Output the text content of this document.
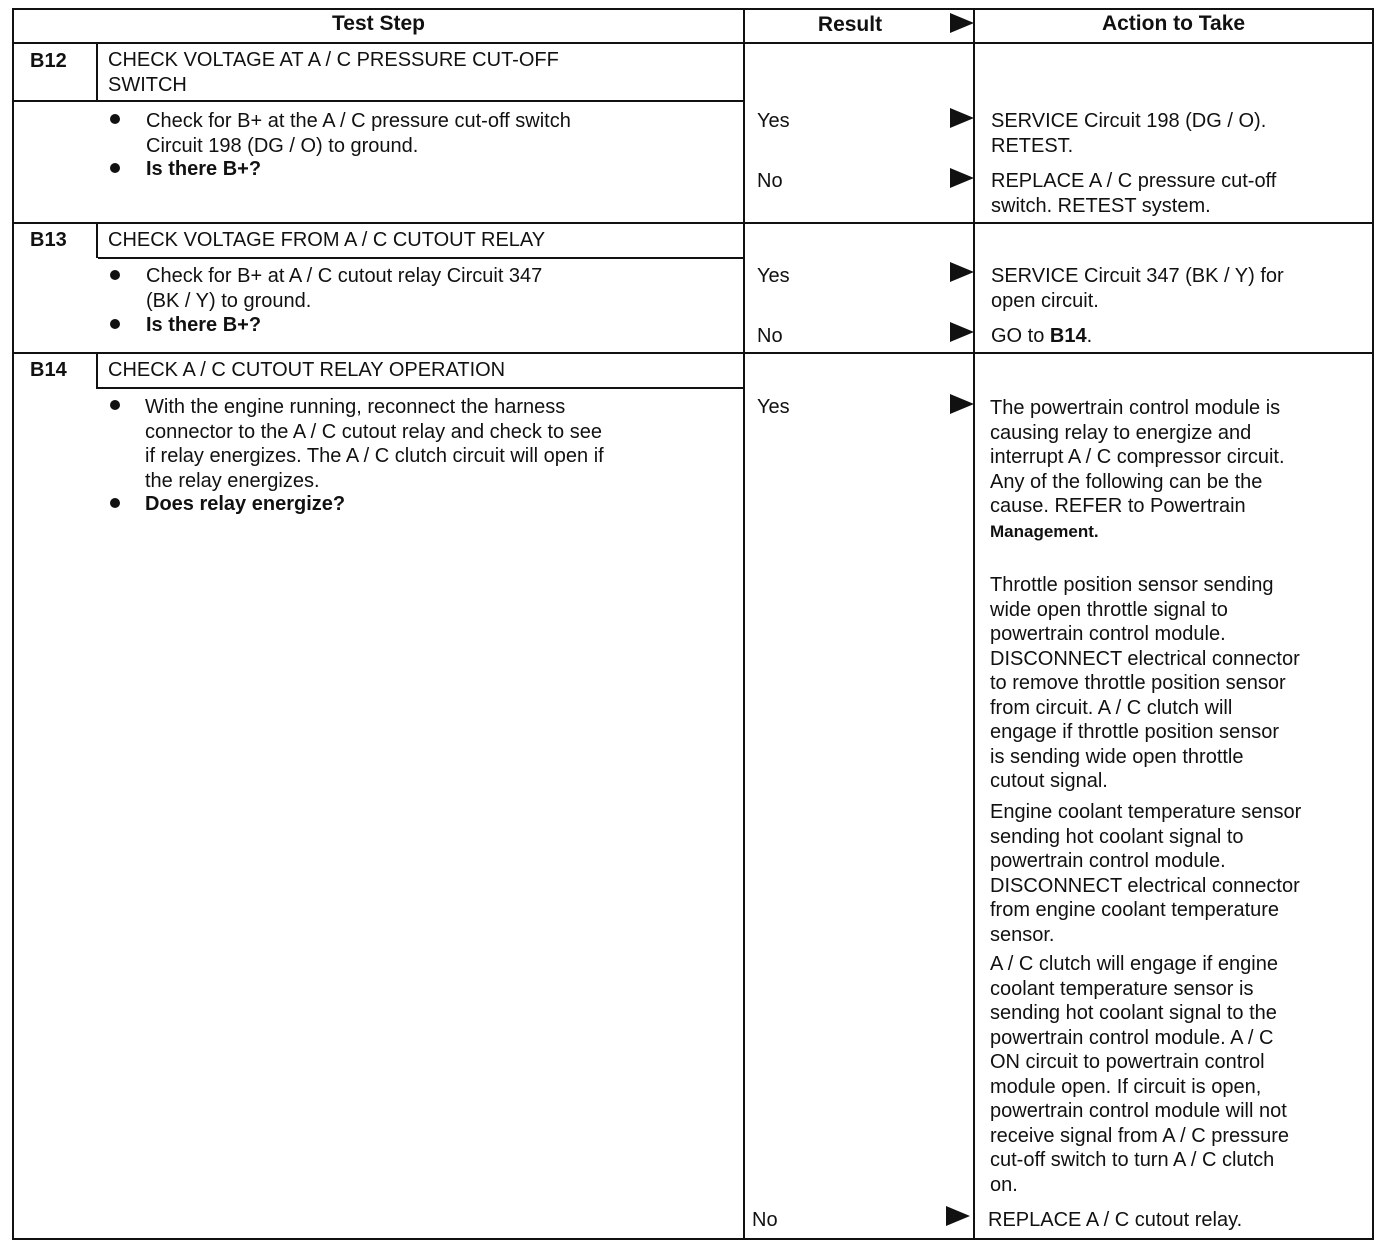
Test Step	Result	Action to Take

B12 CHECK VOLTAGE AT A / C PRESSURE CUT-OFF
SWITCH

Check for B+ at the A / C pressure cut-off switch
Circuit 198 (DG / O) to ground.

Is there B+?

Yes	SERVICE Circuit 198 (DG / O).
RETEST.

No	REPLACE A / C pressure cut-off
switch. RETEST system.

B13 CHECK VOLTAGE FROM A / C CUTOUT RELAY

Check for B+ at A / C cutout relay Circuit 347
(BK / Y) to ground.

Is there B+?

Yes	SERVICE Circuit 347 (BK / Y) for
open circuit.

No	GO to B14.

B14 CHECK A / C CUTOUT RELAY OPERATION

With the engine running, reconnect the harness
connector to the A / C cutout relay and check to see
if relay energizes. The A / C clutch circuit will open if
the relay energizes.

Does relay energize?

Yes	The powertrain control module is
causing relay to energize and
interrupt A / C compressor circuit.
Any of the following can be the
cause. REFER to Powertrain
Management.

Throttle position sensor sending
wide open throttle signal to
powertrain control module.
DISCONNECT electrical connector
to remove throttle position sensor
from circuit. A / C clutch will
engage if throttle position sensor
is sending wide open throttle
cutout signal.

Engine coolant temperature sensor
sending hot coolant signal to
powertrain control module.
DISCONNECT electrical connector
from engine coolant temperature
sensor.

A / C clutch will engage if engine
coolant temperature sensor is
sending hot coolant signal to the
powertrain control module. A / C
ON circuit to powertrain control
module open. If circuit is open,
powertrain control module will not
receive signal from A / C pressure
cut-off switch to turn A / C clutch
on.

No	REPLACE A / C cutout relay.
